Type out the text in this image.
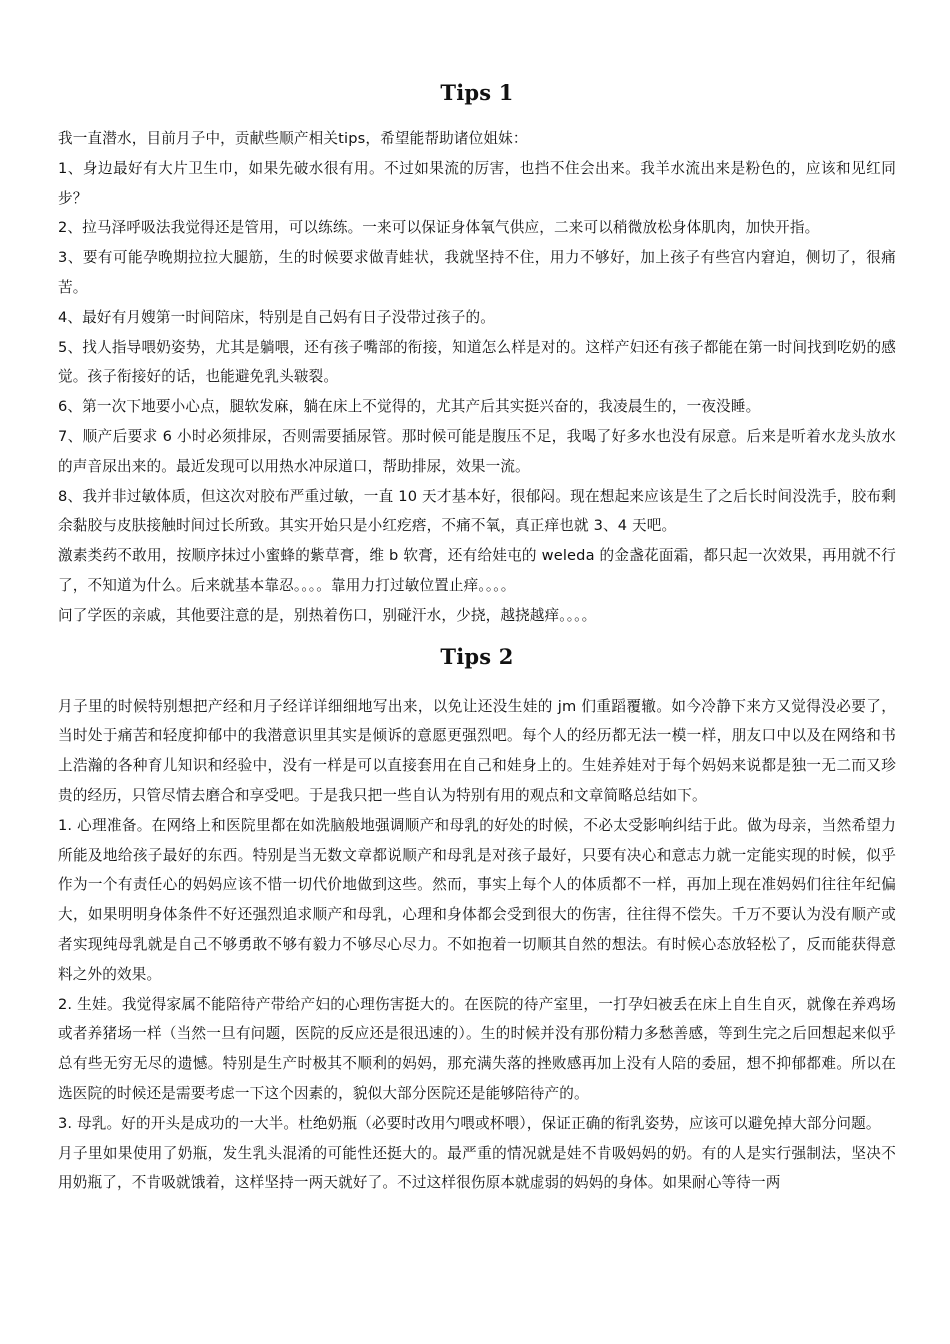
Tips 1

我一直潜水，目前月子中，贡献些顺产相关tips，希望能帮助诸位姐妹：

1、身边最好有大片卫生巾，如果先破水很有用。不过如果流的厉害，也挡不住会出来。我羊水流出来是粉色的，应该和见红同步？

2、拉马泽呼吸法我觉得还是管用，可以练练。一来可以保证身体氧气供应，二来可以稍微放松身体肌肉，加快开指。

3、要有可能孕晚期拉拉大腿筋，生的时候要求做青蛙状，我就坚持不住，用力不够好，加上孩子有些宫内窘迫，侧切了，很痛苦。

4、最好有月嫂第一时间陪床，特别是自己妈有日子没带过孩子的。

5、找人指导喂奶姿势，尤其是躺喂，还有孩子嘴部的衔接，知道怎么样是对的。这样产妇还有孩子都能在第一时间找到吃奶的感觉。孩子衔接好的话，也能避免乳头皲裂。

6、第一次下地要小心点，腿软发麻，躺在床上不觉得的，尤其产后其实挺兴奋的，我凌晨生的，一夜没睡。

7、顺产后要求 6 小时必须排尿，否则需要插尿管。那时候可能是腹压不足，我喝了好多水也没有尿意。后来是听着水龙头放水的声音尿出来的。最近发现可以用热水冲尿道口，帮助排尿，效果一流。

8、我并非过敏体质，但这次对胶布严重过敏，一直 10 天才基本好，很郁闷。现在想起来应该是生了之后长时间没洗手，胶布剩余黏胶与皮肤接触时间过长所致。其实开始只是小红疙瘩，不痛不氧，真正痒也就 3、4 天吧。

激素类药不敢用，按顺序抹过小蜜蜂的紫草膏，维 b 软膏，还有给娃屯的 weleda 的金盏花面霜，都只起一次效果，再用就不行了，不知道为什么。后来就基本靠忍。。。。靠用力打过敏位置止痒。。。。

问了学医的亲戚，其他要注意的是，别热着伤口，别碰汗水，少挠，越挠越痒。。。。

Tips 2

月子里的时候特别想把产经和月子经详详细细地写出来，以免让还没生娃的 jm 们重蹈覆辙。如今冷静下来方又觉得没必要了，当时处于痛苦和轻度抑郁中的我潜意识里其实是倾诉的意愿更强烈吧。每个人的经历都无法一模一样，朋友口中以及在网络和书上浩瀚的各种育儿知识和经验中，没有一样是可以直接套用在自己和娃身上的。生娃养娃对于每个妈妈来说都是独一无二而又珍贵的经历，只管尽情去磨合和享受吧。于是我只把一些自认为特别有用的观点和文章简略总结如下。

1. 心理准备。在网络上和医院里都在如洗脑般地强调顺产和母乳的好处的时候，不必太受影响纠结于此。做为母亲，当然希望力所能及地给孩子最好的东西。特别是当无数文章都说顺产和母乳是对孩子最好，只要有决心和意志力就一定能实现的时候，似乎作为一个有责任心的妈妈应该不惜一切代价地做到这些。然而，事实上每个人的体质都不一样，再加上现在准妈妈们往往年纪偏大，如果明明身体条件不好还强烈追求顺产和母乳，心理和身体都会受到很大的伤害，往往得不偿失。千万不要认为没有顺产或者实现纯母乳就是自己不够勇敢不够有毅力不够尽心尽力。不如抱着一切顺其自然的想法。有时候心态放轻松了，反而能获得意料之外的效果。

2. 生娃。我觉得家属不能陪待产带给产妇的心理伤害挺大的。在医院的待产室里，一打孕妇被丢在床上自生自灭，就像在养鸡场或者养猪场一样（当然一旦有问题，医院的反应还是很迅速的）。生的时候并没有那份精力多愁善感，等到生完之后回想起来似乎总有些无穷无尽的遗憾。特别是生产时极其不顺利的妈妈，那充满失落的挫败感再加上没有人陪的委屈，想不抑郁都难。所以在选医院的时候还是需要考虑一下这个因素的，貌似大部分医院还是能够陪待产的。

3. 母乳。好的开头是成功的一大半。杜绝奶瓶（必要时改用勺喂或杯喂），保证正确的衔乳姿势，应该可以避免掉大部分问题。

月子里如果使用了奶瓶，发生乳头混淆的可能性还挺大的。最严重的情况就是娃不肯吸妈妈的奶。有的人是实行强制法，坚决不用奶瓶了，不肯吸就饿着，这样坚持一两天就好了。不过这样很伤原本就虚弱的妈妈的身体。如果耐心等待一两
